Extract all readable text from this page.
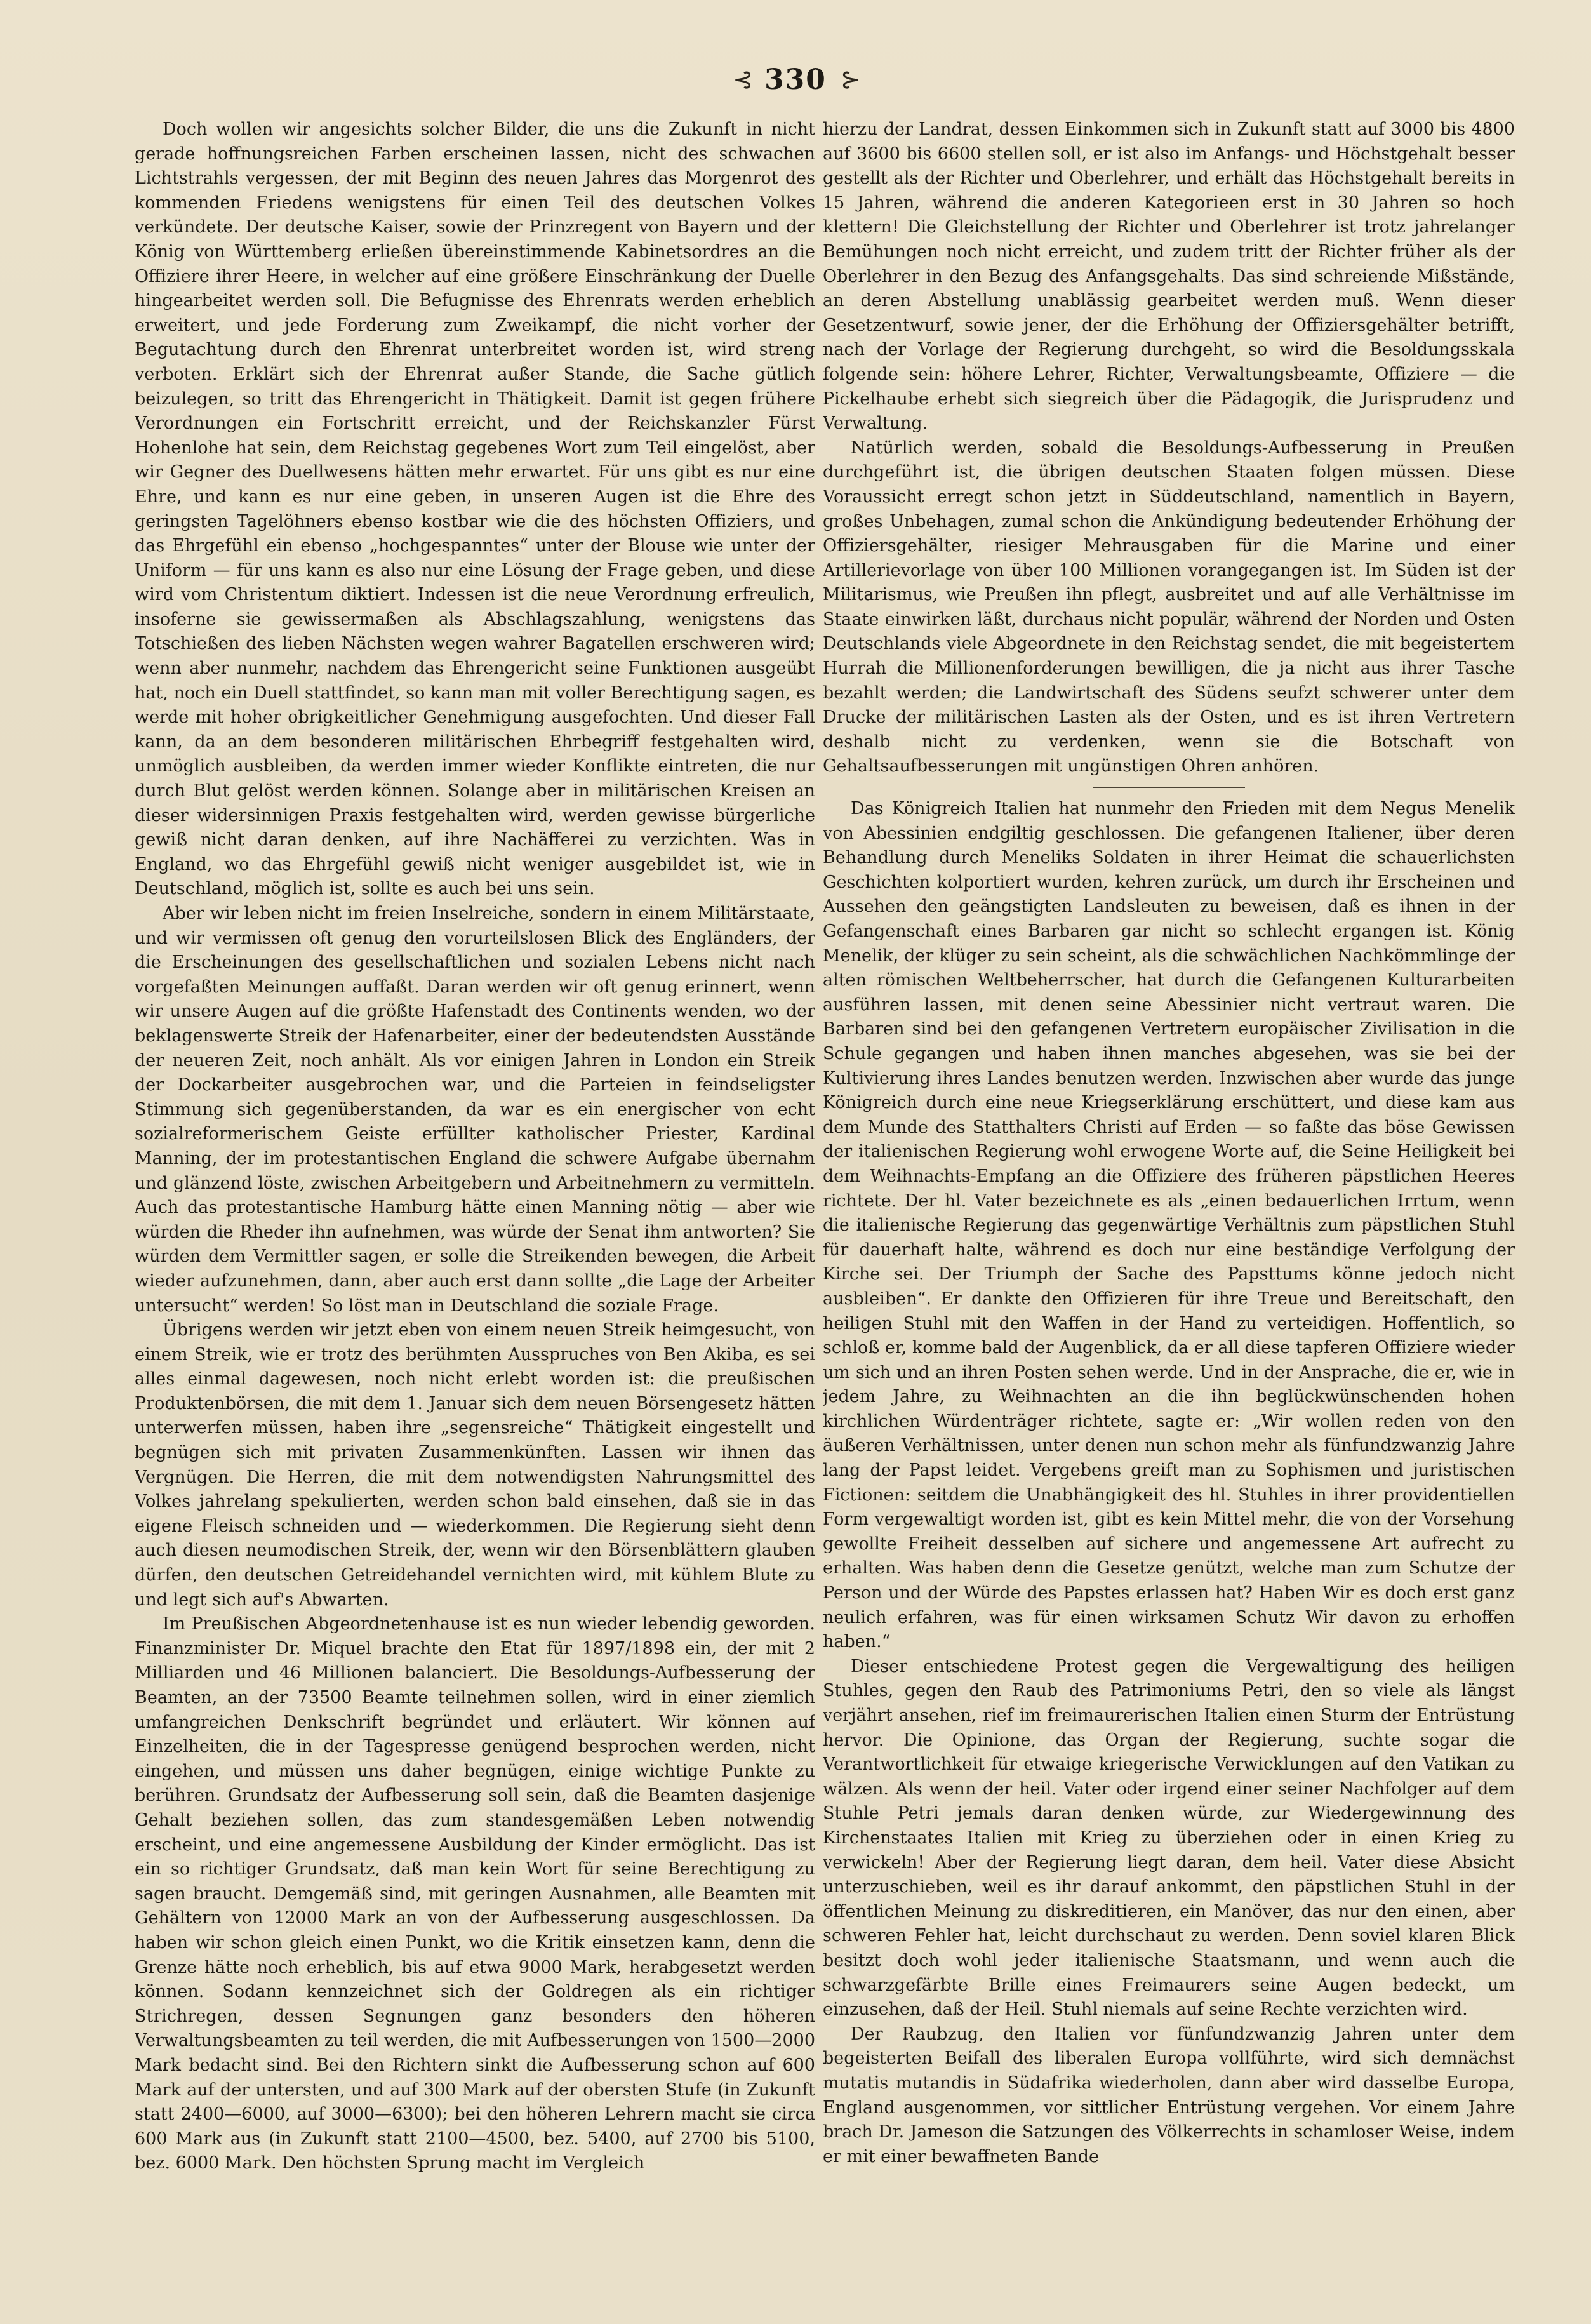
⊰ 330 ⊱

Doch wollen wir angesichts solcher Bilder, die uns die Zukunft in nicht gerade hoffnungsreichen Farben erscheinen lassen, nicht des schwachen Lichtstrahls vergessen, der mit Beginn des neuen Jahres das Morgenrot des kommenden Friedens wenigstens für einen Teil des deutschen Volkes verkündete. Der deutsche Kaiser, sowie der Prinzregent von Bayern und der König von Württemberg erließen übereinstimmende Kabinetsordres an die Offiziere ihrer Heere, in welcher auf eine größere Einschränkung der Duelle hingearbeitet werden soll. Die Befugnisse des Ehrenrats werden erheblich erweitert, und jede Forderung zum Zweikampf, die nicht vorher der Begutachtung durch den Ehrenrat unterbreitet worden ist, wird streng verboten. Erklärt sich der Ehrenrat außer Stande, die Sache gütlich beizulegen, so tritt das Ehrengericht in Thätigkeit. Damit ist gegen frühere Verordnungen ein Fortschritt erreicht, und der Reichskanzler Fürst Hohenlohe hat sein, dem Reichstag gegebenes Wort zum Teil eingelöst, aber wir Gegner des Duellwesens hätten mehr erwartet. Für uns gibt es nur eine Ehre, und kann es nur eine geben, in unseren Augen ist die Ehre des geringsten Tagelöhners ebenso kostbar wie die des höchsten Offiziers, und das Ehrgefühl ein ebenso „hochgespanntes“ unter der Blouse wie unter der Uniform — für uns kann es also nur eine Lösung der Frage geben, und diese wird vom Christentum diktiert. Indessen ist die neue Verordnung erfreulich, insoferne sie gewissermaßen als Abschlagszahlung, wenigstens das Totschießen des lieben Nächsten wegen wahrer Bagatellen erschweren wird; wenn aber nunmehr, nachdem das Ehrengericht seine Funktionen ausgeübt hat, noch ein Duell stattfindet, so kann man mit voller Berechtigung sagen, es werde mit hoher obrigkeitlicher Genehmigung ausgefochten. Und dieser Fall kann, da an dem besonderen militärischen Ehrbegriff festgehalten wird, unmöglich ausbleiben, da werden immer wieder Konflikte eintreten, die nur durch Blut gelöst werden können. Solange aber in militärischen Kreisen an dieser widersinnigen Praxis festgehalten wird, werden gewisse bürgerliche gewiß nicht daran denken, auf ihre Nachäfferei zu verzichten. Was in England, wo das Ehrgefühl gewiß nicht weniger ausgebildet ist, wie in Deutschland, möglich ist, sollte es auch bei uns sein.

Aber wir leben nicht im freien Inselreiche, sondern in einem Militärstaate, und wir vermissen oft genug den vorurteilslosen Blick des Engländers, der die Erscheinungen des gesellschaftlichen und sozialen Lebens nicht nach vorgefaßten Meinungen auffaßt. Daran werden wir oft genug erinnert, wenn wir unsere Augen auf die größte Hafenstadt des Continents wenden, wo der beklagenswerte Streik der Hafenarbeiter, einer der bedeutendsten Ausstände der neueren Zeit, noch anhält. Als vor einigen Jahren in London ein Streik der Dockarbeiter ausgebrochen war, und die Parteien in feindseligster Stimmung sich gegenüberstanden, da war es ein energischer von echt sozialreformerischem Geiste erfüllter katholischer Priester, Kardinal Manning, der im protestantischen England die schwere Aufgabe übernahm und glänzend löste, zwischen Arbeitgebern und Arbeitnehmern zu vermitteln. Auch das protestantische Hamburg hätte einen Manning nötig — aber wie würden die Rheder ihn aufnehmen, was würde der Senat ihm antworten? Sie würden dem Vermittler sagen, er solle die Streikenden bewegen, die Arbeit wieder aufzunehmen, dann, aber auch erst dann sollte „die Lage der Arbeiter untersucht“ werden! So löst man in Deutschland die soziale Frage.

Übrigens werden wir jetzt eben von einem neuen Streik heimgesucht, von einem Streik, wie er trotz des berühmten Ausspruches von Ben Akiba, es sei alles einmal dagewesen, noch nicht erlebt worden ist: die preußischen Produktenbörsen, die mit dem 1. Januar sich dem neuen Börsengesetz hätten unterwerfen müssen, haben ihre „segensreiche“ Thätigkeit eingestellt und begnügen sich mit privaten Zusammenkünften. Lassen wir ihnen das Vergnügen. Die Herren, die mit dem notwendigsten Nahrungsmittel des Volkes jahrelang spekulierten, werden schon bald einsehen, daß sie in das eigene Fleisch schneiden und — wiederkommen. Die Regierung sieht denn auch diesen neumodischen Streik, der, wenn wir den Börsenblättern glauben dürfen, den deutschen Getreidehandel vernichten wird, mit kühlem Blute zu und legt sich auf's Abwarten.

Im Preußischen Abgeordnetenhause ist es nun wieder lebendig geworden. Finanzminister Dr. Miquel brachte den Etat für 1897/1898 ein, der mit 2 Milliarden und 46 Millionen balanciert. Die Besoldungs-Aufbesserung der Beamten, an der 73500 Beamte teilnehmen sollen, wird in einer ziemlich umfangreichen Denkschrift begründet und erläutert. Wir können auf Einzelheiten, die in der Tagespresse genügend besprochen werden, nicht eingehen, und müssen uns daher begnügen, einige wichtige Punkte zu berühren. Grundsatz der Aufbesserung soll sein, daß die Beamten dasjenige Gehalt beziehen sollen, das zum standesgemäßen Leben notwendig erscheint, und eine angemessene Ausbildung der Kinder ermöglicht. Das ist ein so richtiger Grundsatz, daß man kein Wort für seine Berechtigung zu sagen braucht. Demgemäß sind, mit geringen Ausnahmen, alle Beamten mit Gehältern von 12000 Mark an von der Aufbesserung ausgeschlossen. Da haben wir schon gleich einen Punkt, wo die Kritik einsetzen kann, denn die Grenze hätte noch erheblich, bis auf etwa 9000 Mark, herabgesetzt werden können. Sodann kennzeichnet sich der Goldregen als ein richtiger Strichregen, dessen Segnungen ganz besonders den höheren Verwaltungsbeamten zu teil werden, die mit Aufbesserungen von 1500—2000 Mark bedacht sind. Bei den Richtern sinkt die Aufbesserung schon auf 600 Mark auf der untersten, und auf 300 Mark auf der obersten Stufe (in Zukunft statt 2400—6000, auf 3000—6300); bei den höheren Lehrern macht sie circa 600 Mark aus (in Zukunft statt 2100—4500, bez. 5400, auf 2700 bis 5100, bez. 6000 Mark. Den höchsten Sprung macht im Vergleich

hierzu der Landrat, dessen Einkommen sich in Zukunft statt auf 3000 bis 4800 auf 3600 bis 6600 stellen soll, er ist also im Anfangs- und Höchstgehalt besser gestellt als der Richter und Oberlehrer, und erhält das Höchstgehalt bereits in 15 Jahren, während die anderen Kategorieen erst in 30 Jahren so hoch klettern! Die Gleichstellung der Richter und Oberlehrer ist trotz jahrelanger Bemühungen noch nicht erreicht, und zudem tritt der Richter früher als der Oberlehrer in den Bezug des Anfangsgehalts. Das sind schreiende Mißstände, an deren Abstellung unablässig gearbeitet werden muß. Wenn dieser Gesetzentwurf, sowie jener, der die Erhöhung der Offiziersgehälter betrifft, nach der Vorlage der Regierung durchgeht, so wird die Besoldungsskala folgende sein: höhere Lehrer, Richter, Verwaltungsbeamte, Offiziere — die Pickelhaube erhebt sich siegreich über die Pädagogik, die Jurisprudenz und Verwaltung.

Natürlich werden, sobald die Besoldungs-Aufbesserung in Preußen durchgeführt ist, die übrigen deutschen Staaten folgen müssen. Diese Voraussicht erregt schon jetzt in Süddeutschland, namentlich in Bayern, großes Unbehagen, zumal schon die Ankündigung bedeutender Erhöhung der Offiziersgehälter, riesiger Mehrausgaben für die Marine und einer Artillerievorlage von über 100 Millionen vorangegangen ist. Im Süden ist der Militarismus, wie Preußen ihn pflegt, ausbreitet und auf alle Verhältnisse im Staate einwirken läßt, durchaus nicht populär, während der Norden und Osten Deutschlands viele Abgeordnete in den Reichstag sendet, die mit begeistertem Hurrah die Millionenforderungen bewilligen, die ja nicht aus ihrer Tasche bezahlt werden; die Landwirtschaft des Südens seufzt schwerer unter dem Drucke der militärischen Lasten als der Osten, und es ist ihren Vertretern deshalb nicht zu verdenken, wenn sie die Botschaft von Gehaltsaufbesserungen mit ungünstigen Ohren anhören.

Das Königreich Italien hat nunmehr den Frieden mit dem Negus Menelik von Abessinien endgiltig geschlossen. Die gefangenen Italiener, über deren Behandlung durch Meneliks Soldaten in ihrer Heimat die schauerlichsten Geschichten kolportiert wurden, kehren zurück, um durch ihr Erscheinen und Aussehen den geängstigten Landsleuten zu beweisen, daß es ihnen in der Gefangenschaft eines Barbaren gar nicht so schlecht ergangen ist. König Menelik, der klüger zu sein scheint, als die schwächlichen Nachkömmlinge der alten römischen Weltbeherrscher, hat durch die Gefangenen Kulturarbeiten ausführen lassen, mit denen seine Abessinier nicht vertraut waren. Die Barbaren sind bei den gefangenen Vertretern europäischer Zivilisation in die Schule gegangen und haben ihnen manches abgesehen, was sie bei der Kultivierung ihres Landes benutzen werden. Inzwischen aber wurde das junge Königreich durch eine neue Kriegserklärung erschüttert, und diese kam aus dem Munde des Statthalters Christi auf Erden — so faßte das böse Gewissen der italienischen Regierung wohl erwogene Worte auf, die Seine Heiligkeit bei dem Weihnachts-Empfang an die Offiziere des früheren päpstlichen Heeres richtete. Der hl. Vater bezeichnete es als „einen bedauerlichen Irrtum, wenn die italienische Regierung das gegenwärtige Verhältnis zum päpstlichen Stuhl für dauerhaft halte, während es doch nur eine beständige Verfolgung der Kirche sei. Der Triumph der Sache des Papsttums könne jedoch nicht ausbleiben“. Er dankte den Offizieren für ihre Treue und Bereitschaft, den heiligen Stuhl mit den Waffen in der Hand zu verteidigen. Hoffentlich, so schloß er, komme bald der Augenblick, da er all diese tapferen Offiziere wieder um sich und an ihren Posten sehen werde. Und in der Ansprache, die er, wie in jedem Jahre, zu Weihnachten an die ihn beglückwünschenden hohen kirchlichen Würdenträger richtete, sagte er: „Wir wollen reden von den äußeren Verhältnissen, unter denen nun schon mehr als fünfundzwanzig Jahre lang der Papst leidet. Vergebens greift man zu Sophismen und juristischen Fictionen: seitdem die Unabhängigkeit des hl. Stuhles in ihrer providentiellen Form vergewaltigt worden ist, gibt es kein Mittel mehr, die von der Vorsehung gewollte Freiheit desselben auf sichere und angemessene Art aufrecht zu erhalten. Was haben denn die Gesetze genützt, welche man zum Schutze der Person und der Würde des Papstes erlassen hat? Haben Wir es doch erst ganz neulich erfahren, was für einen wirksamen Schutz Wir davon zu erhoffen haben.“

Dieser entschiedene Protest gegen die Vergewaltigung des heiligen Stuhles, gegen den Raub des Patrimoniums Petri, den so viele als längst verjährt ansehen, rief im freimaurerischen Italien einen Sturm der Entrüstung hervor. Die Opinione, das Organ der Regierung, suchte sogar die Verantwortlichkeit für etwaige kriegerische Verwicklungen auf den Vatikan zu wälzen. Als wenn der heil. Vater oder irgend einer seiner Nachfolger auf dem Stuhle Petri jemals daran denken würde, zur Wiedergewinnung des Kirchenstaates Italien mit Krieg zu überziehen oder in einen Krieg zu verwickeln! Aber der Regierung liegt daran, dem heil. Vater diese Absicht unterzuschieben, weil es ihr darauf ankommt, den päpstlichen Stuhl in der öffentlichen Meinung zu diskreditieren, ein Manöver, das nur den einen, aber schweren Fehler hat, leicht durchschaut zu werden. Denn soviel klaren Blick besitzt doch wohl jeder italienische Staatsmann, und wenn auch die schwarzgefärbte Brille eines Freimaurers seine Augen bedeckt, um einzusehen, daß der Heil. Stuhl niemals auf seine Rechte verzichten wird.

Der Raubzug, den Italien vor fünfundzwanzig Jahren unter dem begeisterten Beifall des liberalen Europa vollführte, wird sich demnächst mutatis mutandis in Südafrika wiederholen, dann aber wird dasselbe Europa, England ausgenommen, vor sittlicher Entrüstung vergehen. Vor einem Jahre brach Dr. Jameson die Satzungen des Völkerrechts in schamloser Weise, indem er mit einer bewaffneten Bande
